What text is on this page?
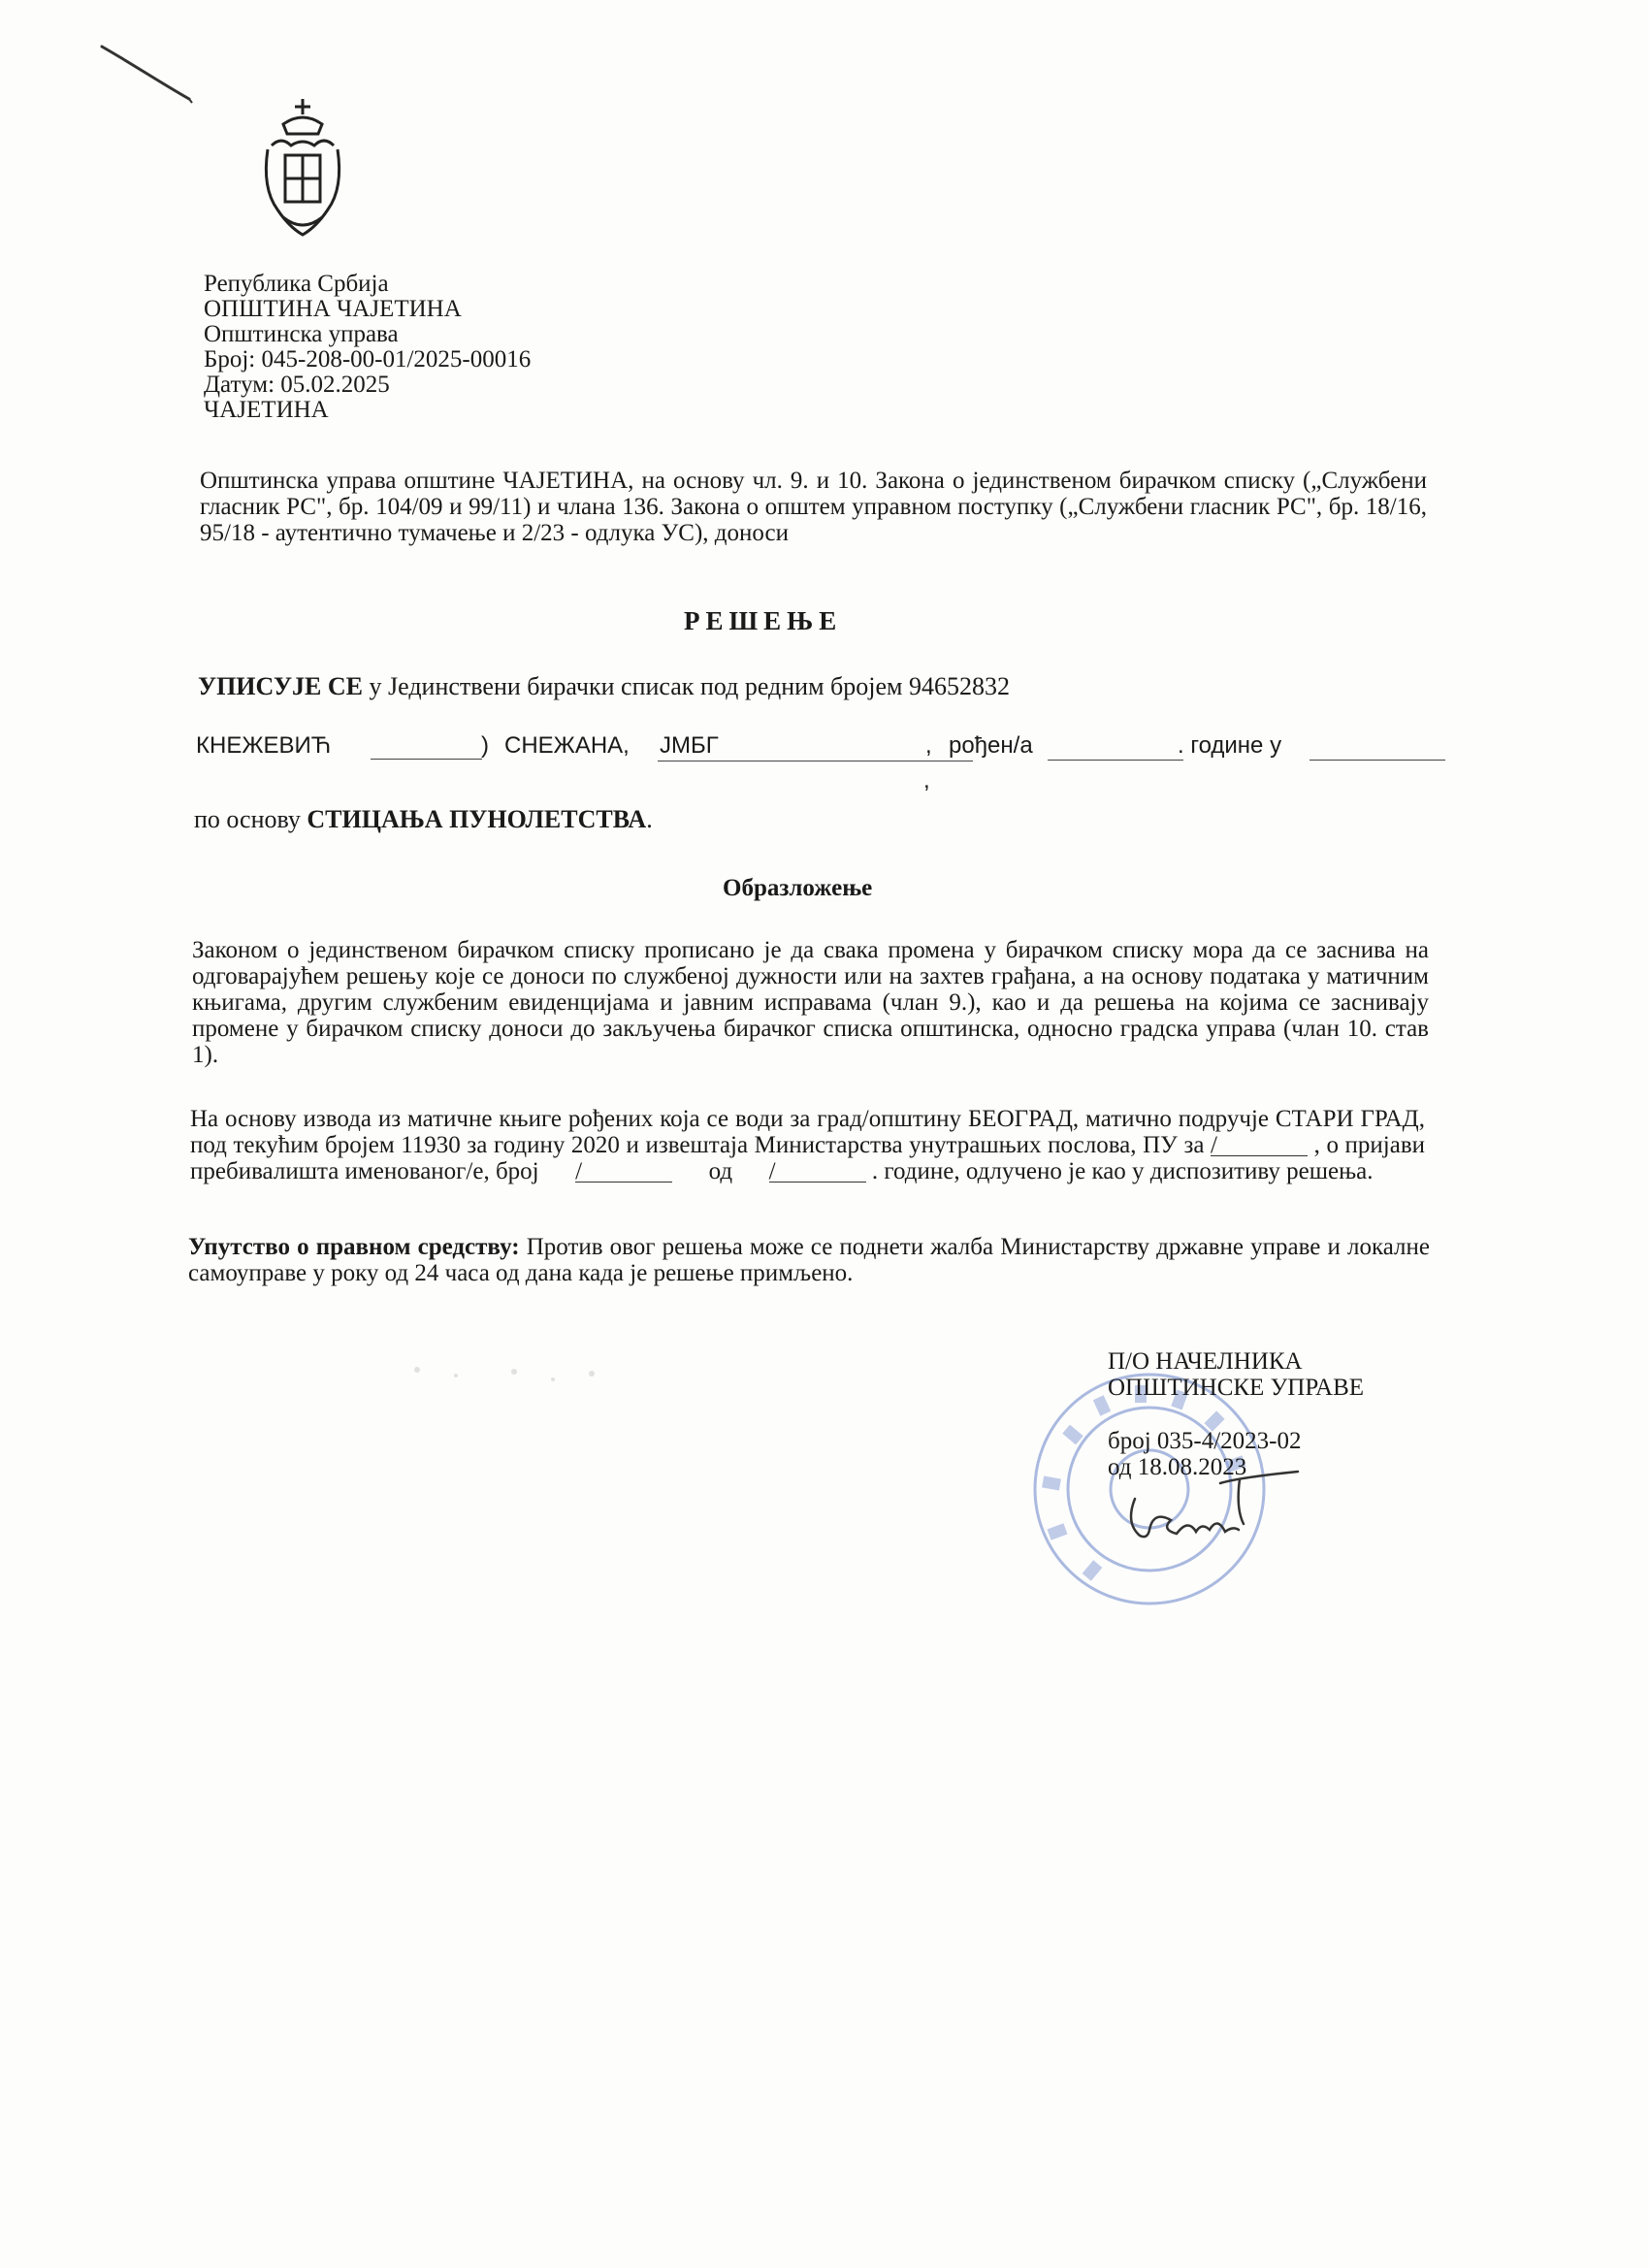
Република Србија
ОПШТИНА ЧАЈЕТИНА
Општинска управа
Број: 045-208-00-01/2025-00016
Датум: 05.02.2025
ЧАЈЕТИНА
Општинска управа општине ЧАЈЕТИНА, на основу чл. 9. и 10. Закона о јединственом бирачком списку („Службени гласник РС", бр. 104/09 и 99/11) и члана 136. Закона о општем управном поступку („Службени гласник РС", бр. 18/16, 95/18 - аутентично тумачење и 2/23 - одлука УС), доноси
РЕШЕЊЕ
УПИСУЈЕ СЕ у Јединствени бирачки списак под редним бројем 94652832
КНЕЖЕВИЋ	) СНЕЖАНА, ЈМБГ
,
, рођен/а	. године у
по основу СТИЦАЊА ПУНОЛЕТСТВА.
Образложење
Законом о јединственом бирачком списку прописано је да свака промена у бирачком списку мора да се заснива на одговарајућем решењу које се доноси по службеној дужности или на захтев грађана, а на основу података у матичним књигама, другим службеним евиденцијама и јавним исправама (члан 9.), као и да решења на којима се заснивају промене у бирачком списку доноси до закључења бирачког списка општинска, односно градска управа (члан 10. став 1).
На основу извода из матичне књиге рођених која се води за град/општину БЕОГРАД, матично подручје СТАРИ ГРАД, под текућим бројем 11930 за годину 2020 и извештаја Министарства унутрашњих послова, ПУ за /	, о пријави пребивалишта именованог/е, број /	од /	. године, одлучено је као у диспозитиву решења.
Упутство о правном средству: Против овог решења може се поднети жалба Министарству државне управе и локалне самоуправе у року од 24 часа од дана када је решење примљено.
П/О НАЧЕЛНИКА
ОПШТИНСКЕ УПРАВЕ
број 035-4/2023-02
од 18.08.2023
